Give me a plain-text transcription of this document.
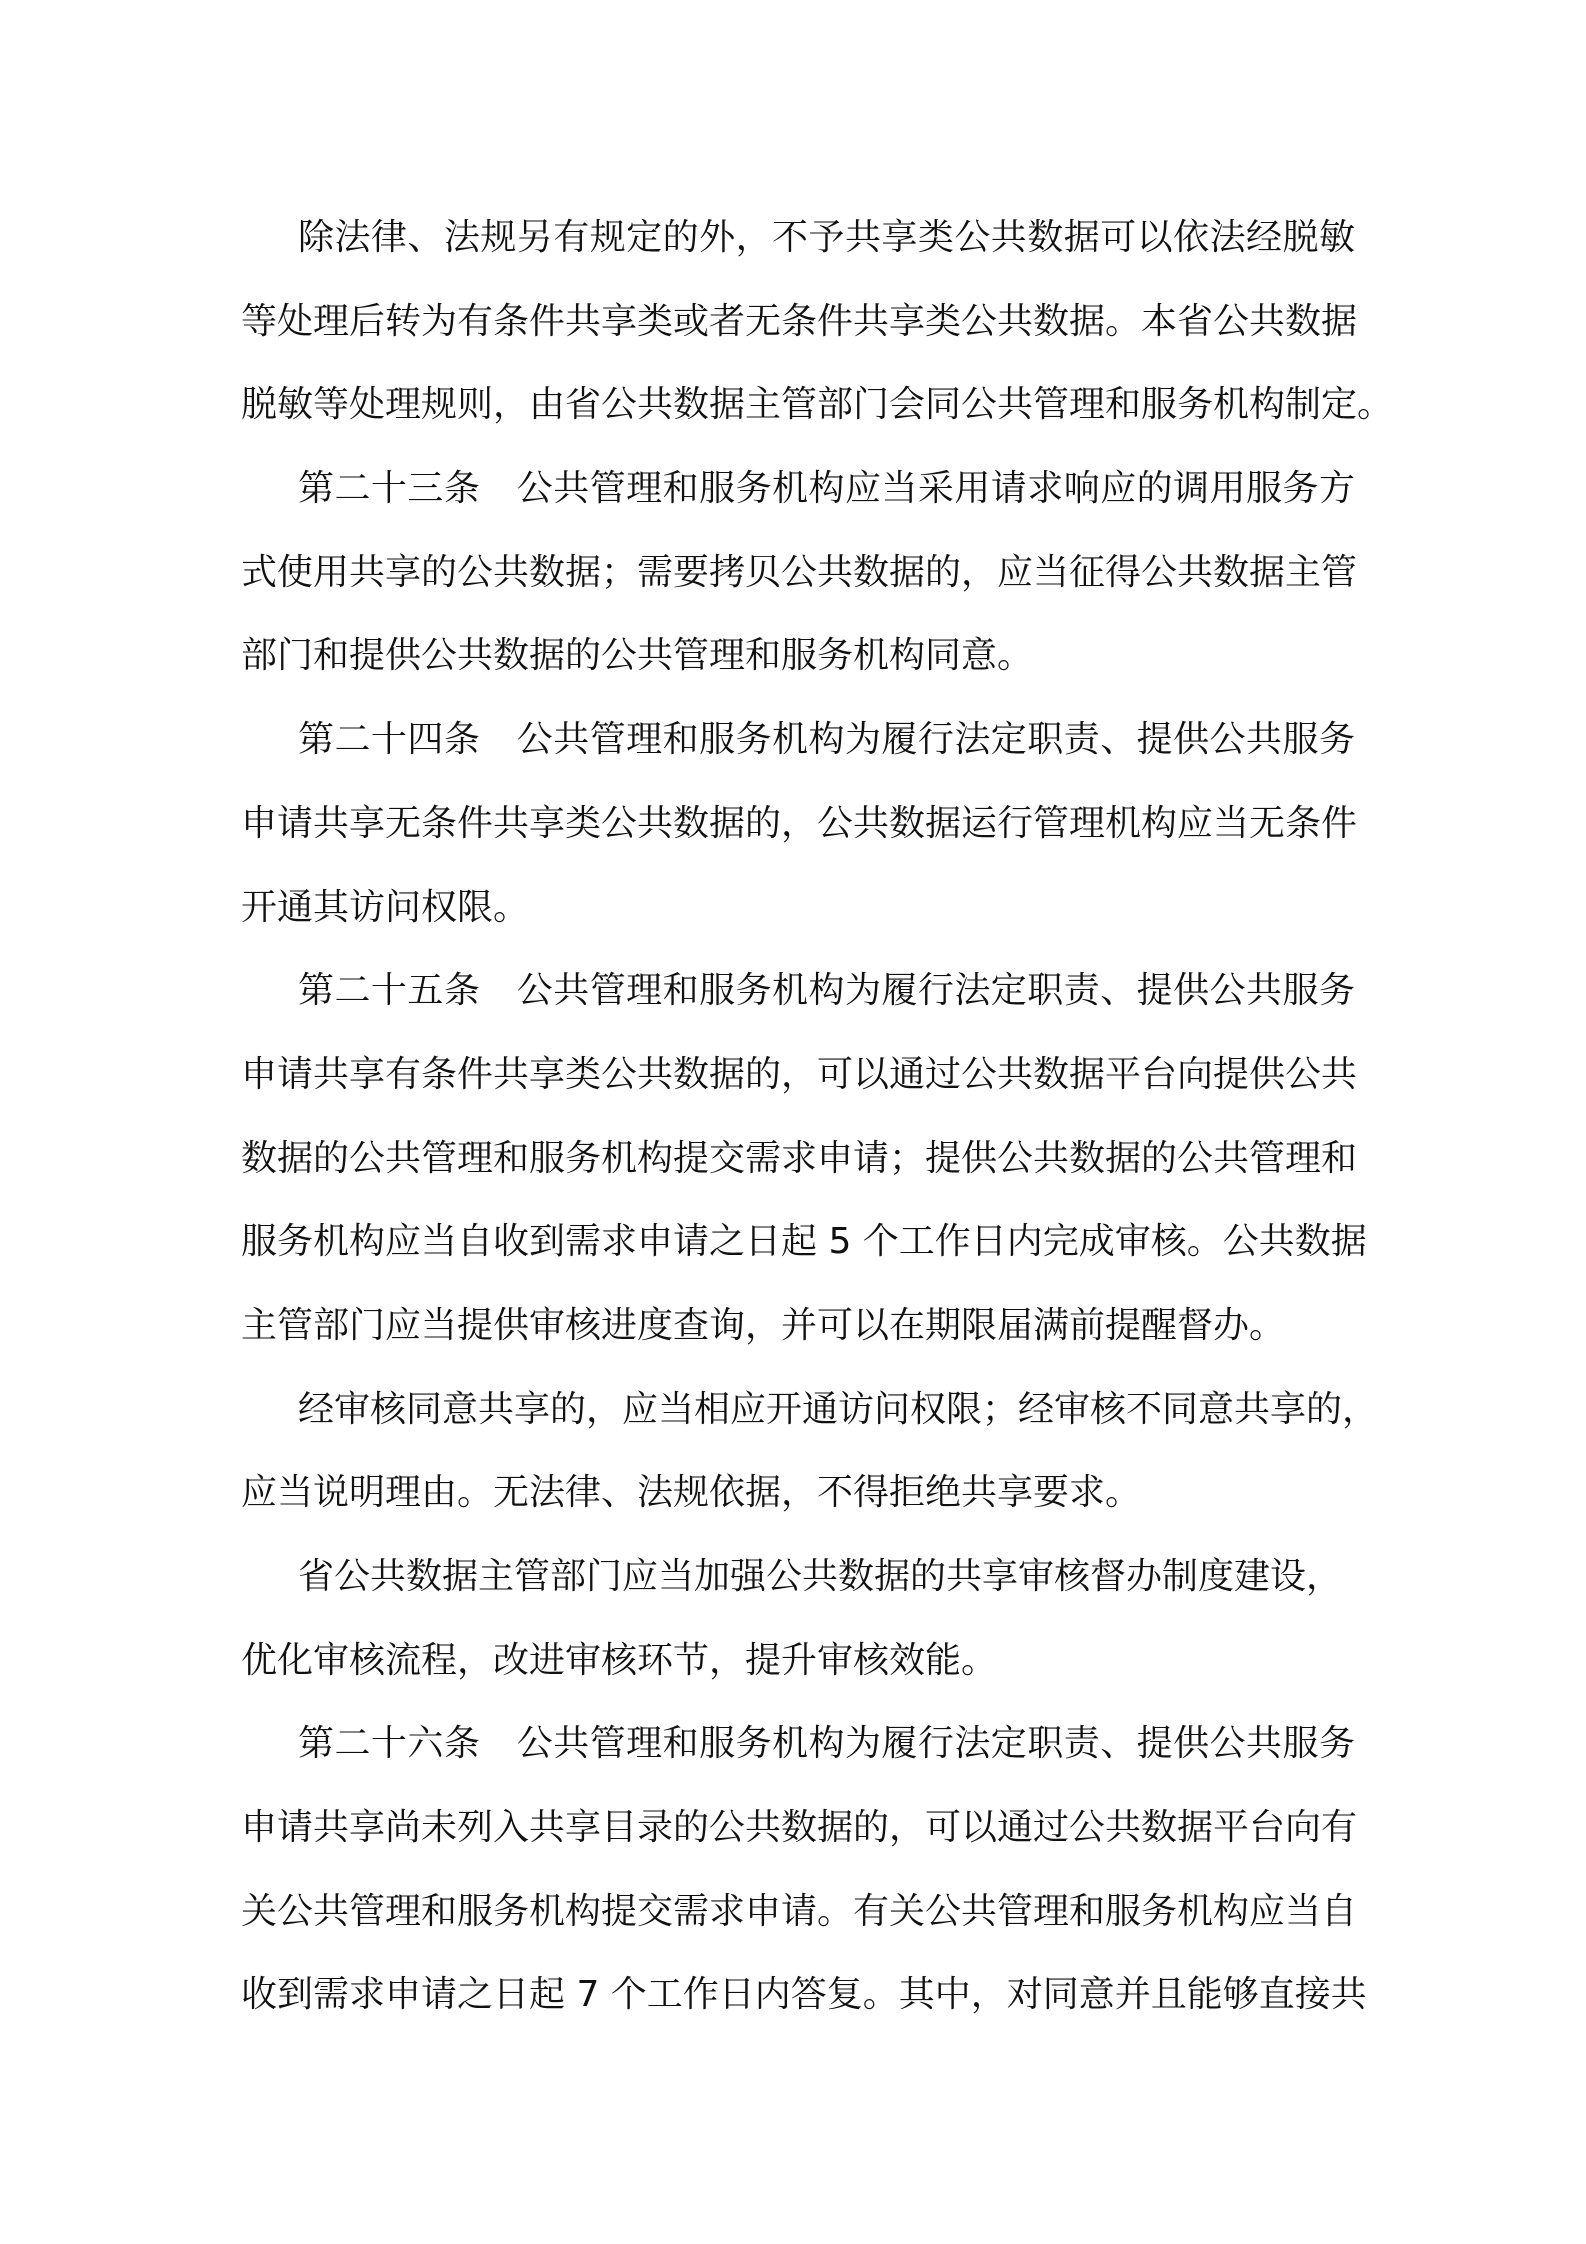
除法律、法规另有规定的外，不予共享类公共数据可以依法经脱敏
等处理后转为有条件共享类或者无条件共享类公共数据。本省公共数据
脱敏等处理规则，由省公共数据主管部门会同公共管理和服务机构制定。
第二十三条　公共管理和服务机构应当采用请求响应的调用服务方
式使用共享的公共数据；需要拷贝公共数据的，应当征得公共数据主管
部门和提供公共数据的公共管理和服务机构同意。
第二十四条　公共管理和服务机构为履行法定职责、提供公共服务
申请共享无条件共享类公共数据的，公共数据运行管理机构应当无条件
开通其访问权限。
第二十五条　公共管理和服务机构为履行法定职责、提供公共服务
申请共享有条件共享类公共数据的，可以通过公共数据平台向提供公共
数据的公共管理和服务机构提交需求申请；提供公共数据的公共管理和
服务机构应当自收到需求申请之日起 5 个工作日内完成审核。公共数据
主管部门应当提供审核进度查询，并可以在期限届满前提醒督办。
经审核同意共享的，应当相应开通访问权限；经审核不同意共享的，
应当说明理由。无法律、法规依据，不得拒绝共享要求。
省公共数据主管部门应当加强公共数据的共享审核督办制度建设，
优化审核流程，改进审核环节，提升审核效能。
第二十六条　公共管理和服务机构为履行法定职责、提供公共服务
申请共享尚未列入共享目录的公共数据的，可以通过公共数据平台向有
关公共管理和服务机构提交需求申请。有关公共管理和服务机构应当自
收到需求申请之日起 7 个工作日内答复。其中，对同意并且能够直接共
